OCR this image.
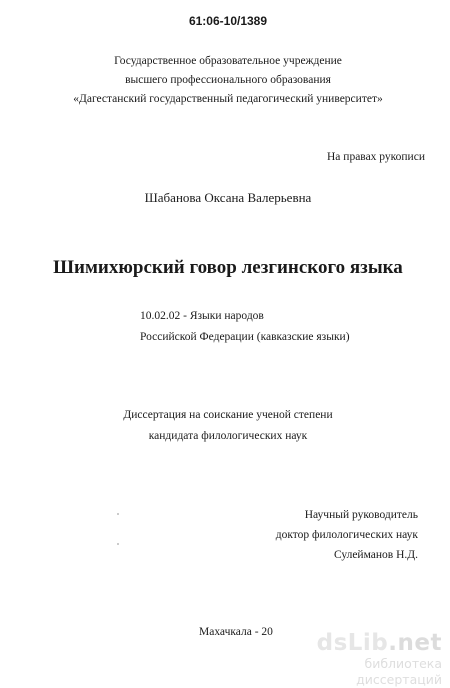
61:06-10/1389
Государственное образовательное учреждение
высшего профессионального образования
«Дагестанский государственный педагогический университет»
На правах рукописи
Шабанова Оксана Валерьевна
Шимихюрский говор лезгинского языка
10.02.02 - Языки народов
Российской Федерации (кавказские языки)
Диссертация на соискание ученой степени
кандидата филологических наук
Научный руководитель
доктор филологических наук
Сулейманов Н.Д.
Махачкала - 20	dsLib.net
библиотека диссертаций
